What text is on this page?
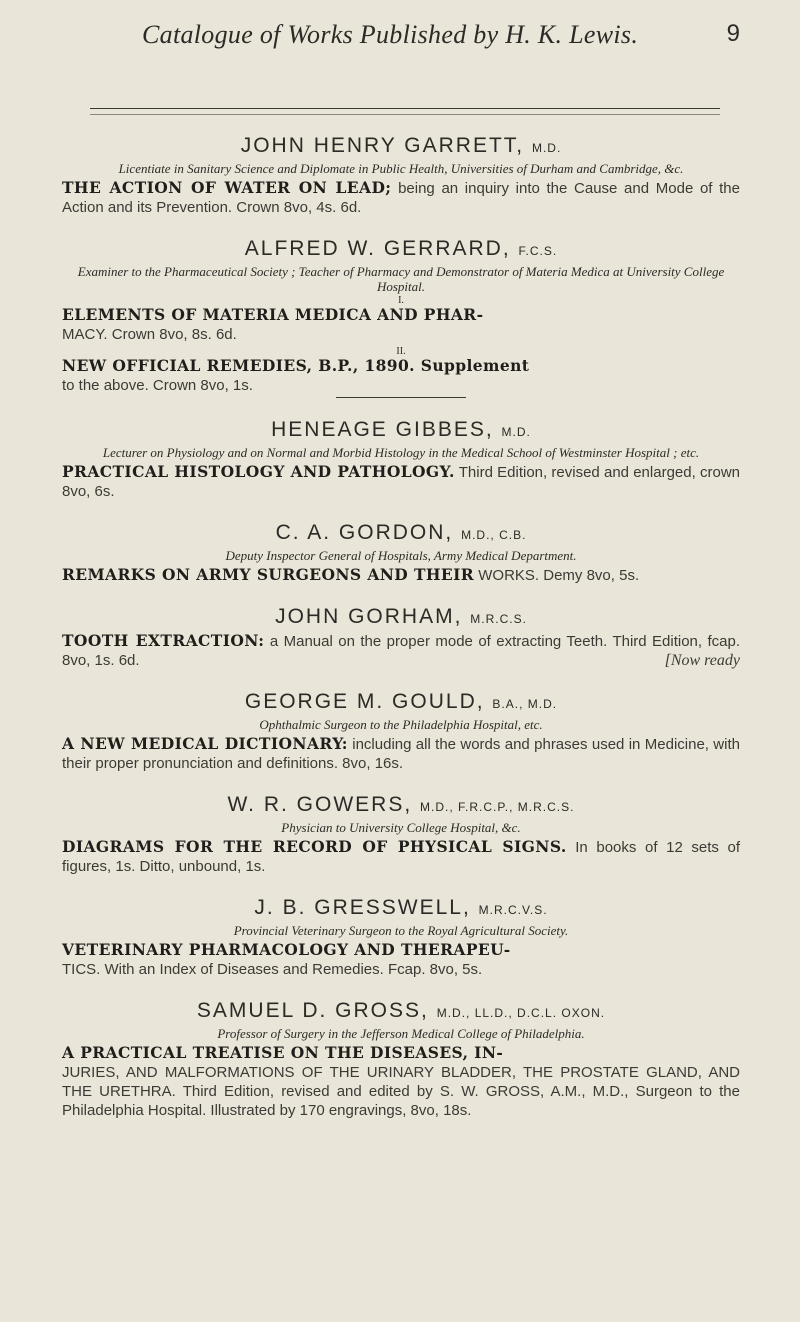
Catalogue of Works Published by H. K. Lewis.	9
JOHN HENRY GARRETT, M.D.
Licentiate in Sanitary Science and Diplomate in Public Health, Universities of Durham and Cambridge, &c.
THE ACTION OF WATER ON LEAD; being an inquiry into the Cause and Mode of the Action and its Prevention. Crown 8vo, 4s. 6d.
ALFRED W. GERRARD, F.C.S.
Examiner to the Pharmaceutical Society ; Teacher of Pharmacy and Demonstrator of Materia Medica at University College Hospital.
I.
ELEMENTS OF MATERIA MEDICA AND PHAR-
MACY. Crown 8vo, 8s. 6d.
II.
NEW OFFICIAL REMEDIES, B.P., 1890. Supplement
to the above. Crown 8vo, 1s.
HENEAGE GIBBES, M.D.
Lecturer on Physiology and on Normal and Morbid Histology in the Medical School of Westminster Hospital ; etc.
PRACTICAL HISTOLOGY AND PATHOLOGY. Third Edition, revised and enlarged, crown 8vo, 6s.
C. A. GORDON, M.D., C.B.
Deputy Inspector General of Hospitals, Army Medical Department.
REMARKS ON ARMY SURGEONS AND THEIR WORKS. Demy 8vo, 5s.
JOHN GORHAM, M.R.C.S.
TOOTH EXTRACTION: a Manual on the proper mode of extracting Teeth. Third Edition, fcap. 8vo, 1s. 6d.	[Now ready
GEORGE M. GOULD, B.A., M.D.
Ophthalmic Surgeon to the Philadelphia Hospital, etc.
A NEW MEDICAL DICTIONARY: including all the words and phrases used in Medicine, with their proper pronunciation and definitions. 8vo, 16s.
W. R. GOWERS, M.D., F.R.C.P., M.R.C.S.
Physician to University College Hospital, &c.
DIAGRAMS FOR THE RECORD OF PHYSICAL SIGNS. In books of 12 sets of figures, 1s. Ditto, unbound, 1s.
J. B. GRESSWELL, M.R.C.V.S.
Provincial Veterinary Surgeon to the Royal Agricultural Society.
VETERINARY PHARMACOLOGY AND THERAPEU-
TICS. With an Index of Diseases and Remedies. Fcap. 8vo, 5s.
SAMUEL D. GROSS, M.D., LL.D., D.C.L. OXON.
Professor of Surgery in the Jefferson Medical College of Philadelphia.
A PRACTICAL TREATISE ON THE DISEASES, IN-
JURIES, AND MALFORMATIONS OF THE URINARY BLADDER, THE PROSTATE GLAND, AND THE URETHRA. Third Edition, revised and edited by S. W. GROSS, A.M., M.D., Surgeon to the Philadelphia Hospital. Illustrated by 170 engravings, 8vo, 18s.
